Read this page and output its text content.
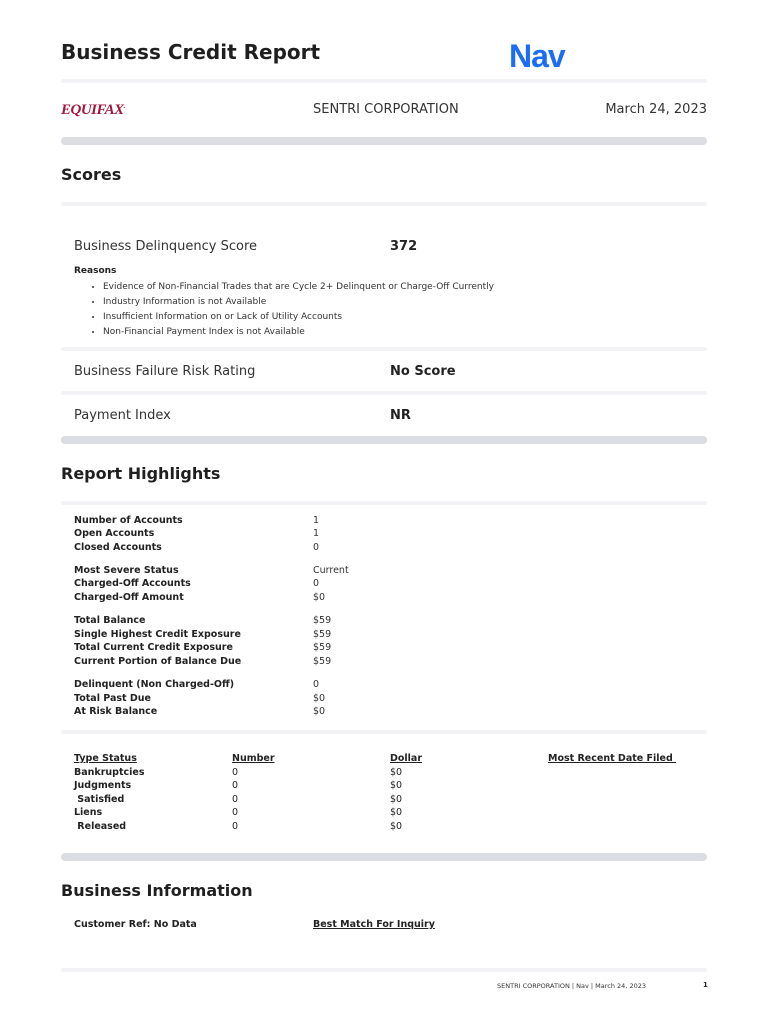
Business Credit Report	Nav
EQUIFAX.	SENTRI CORPORATION	March 24, 2023
Scores
Business Delinquency Score	372
Reasons
• Evidence of Non-Financial Trades that are Cycle 2+ Delinquent or Charge-Off Currently
• Industry Information is not Available
• Insufficient Information on or Lack of Utility Accounts
• Non-Financial Payment Index is not Available
Business Failure Risk Rating	No Score
Payment Index	NR
Report Highlights
Number of Accounts	1
Open Accounts	1
Closed Accounts	0
Most Severe Status	Current
Charged-Off Accounts	0
Charged-Off Amount	$0
Total Balance	$59
Single Highest Credit Exposure	$59
Total Current Credit Exposure	$59
Current Portion of Balance Due	$59
Delinquent (Non Charged-Off)	0
Total Past Due	$0
At Risk Balance	$0
Type Status	Number	Dollar	Most Recent Date Filed
Bankruptcies	0	$0
Judgments	0	$0
Satisfied	0	$0
Liens	0	$0
Released	0	$0
Business Information
Customer Ref: No Data	Best Match For Inquiry
SENTRI CORPORATION | Nav | March 24, 2023	1
